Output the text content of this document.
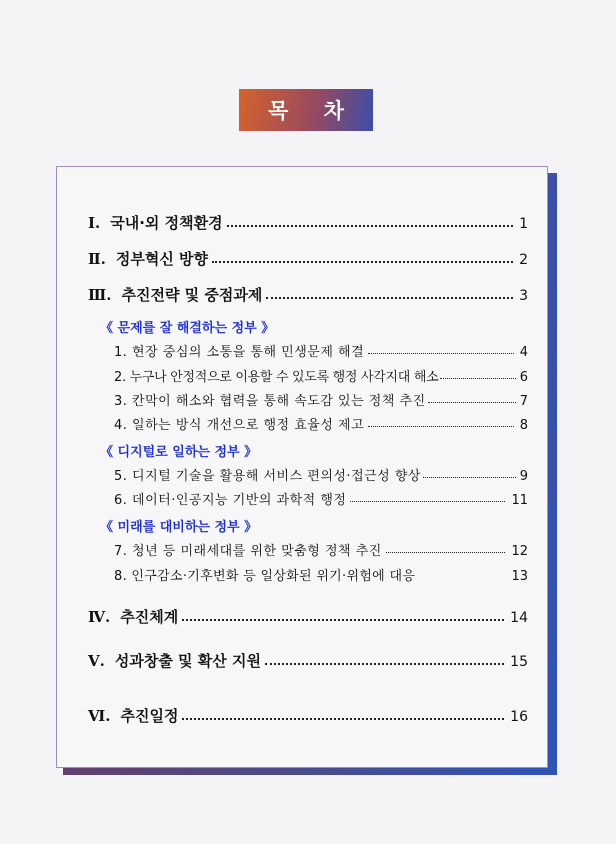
목 차
Ⅰ. 국내·외 정책환경	1
Ⅱ. 정부혁신 방향	2
Ⅲ. 추진전략 및 중점과제	3
《 문제를 잘 해결하는 정부 》
1. 현장 중심의 소통을 통해 민생문제 해결	4
2. 누구나 안정적으로 이용할 수 있도록 행정 사각지대 해소	6
3. 칸막이 해소와 협력을 통해 속도감 있는 정책 추진	7
4. 일하는 방식 개선으로 행정 효율성 제고	8
《 디지털로 일하는 정부 》
5. 디지털 기술을 활용해 서비스 편의성·접근성 향상	9
6. 데이터·인공지능 기반의 과학적 행정	11
《 미래를 대비하는 정부 》
7. 청년 등 미래세대를 위한 맞춤형 정책 추진	12
8. 인구감소·기후변화 등 일상화된 위기·위험에 대응	13
Ⅳ. 추진체계	14
Ⅴ. 성과창출 및 확산 지원	15
Ⅵ. 추진일정	16
